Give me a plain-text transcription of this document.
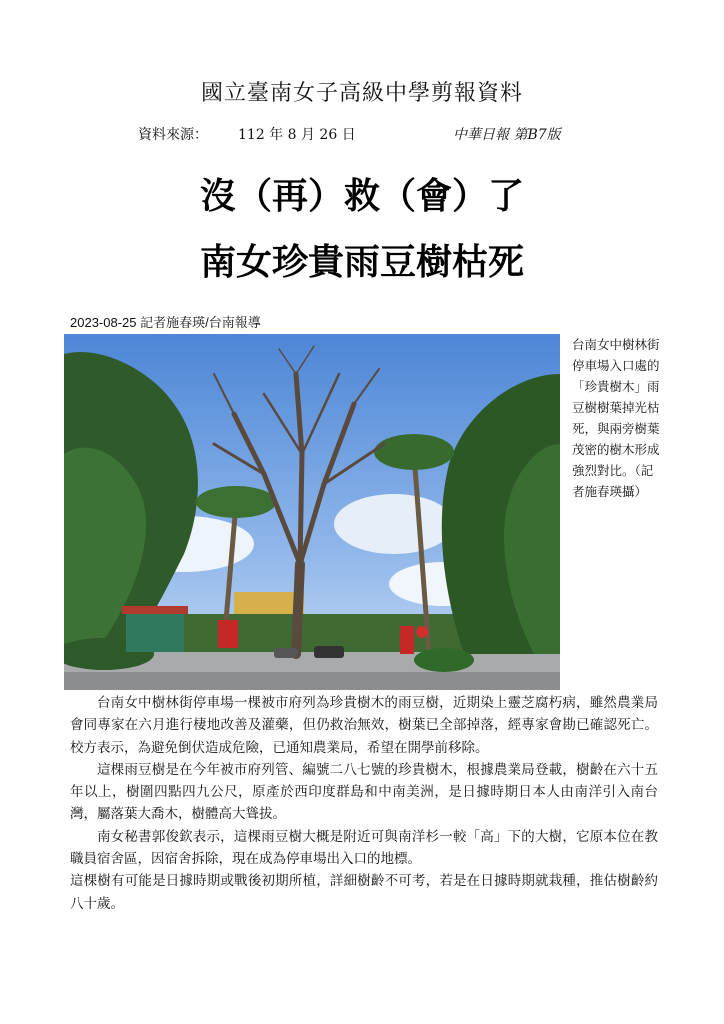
國立臺南女子高級中學剪報資料
資料來源： 112 年 8 月 26 日	中華日報 第B7版
沒（再）救（會）了
南女珍貴雨豆樹枯死
2023-08-25 記者施春瑛/台南報導

台南女中樹林街停車場入口處的「珍貴樹木」雨豆樹樹葉掉光枯死，與兩旁樹葉茂密的樹木形成強烈對比。（記者施春瑛攝）

台南女中樹林街停車場一棵被市府列為珍貴樹木的雨豆樹，近期染上靈芝腐朽病，雖然農業局會同專家在六月進行棲地改善及灌藥，但仍救治無效，樹葉已全部掉落，經專家會勘已確認死亡。校方表示，為避免倒伏造成危險，已通知農業局，希望在開學前移除。

這棵雨豆樹是在今年被市府列管、編號二八七號的珍貴樹木，根據農業局登載，樹齡在六十五年以上，樹圍四點四九公尺，原產於西印度群島和中南美洲，是日據時期日本人由南洋引入南台灣，屬落葉大喬木，樹體高大聳拔。

南女秘書郭俊欽表示，這棵雨豆樹大概是附近可與南洋杉一較「高」下的大樹，它原本位在教職員宿舍區，因宿舍拆除，現在成為停車場出入口的地標。

這棵樹有可能是日據時期或戰後初期所植，詳細樹齡不可考，若是在日據時期就栽種，推估樹齡約八十歲。
